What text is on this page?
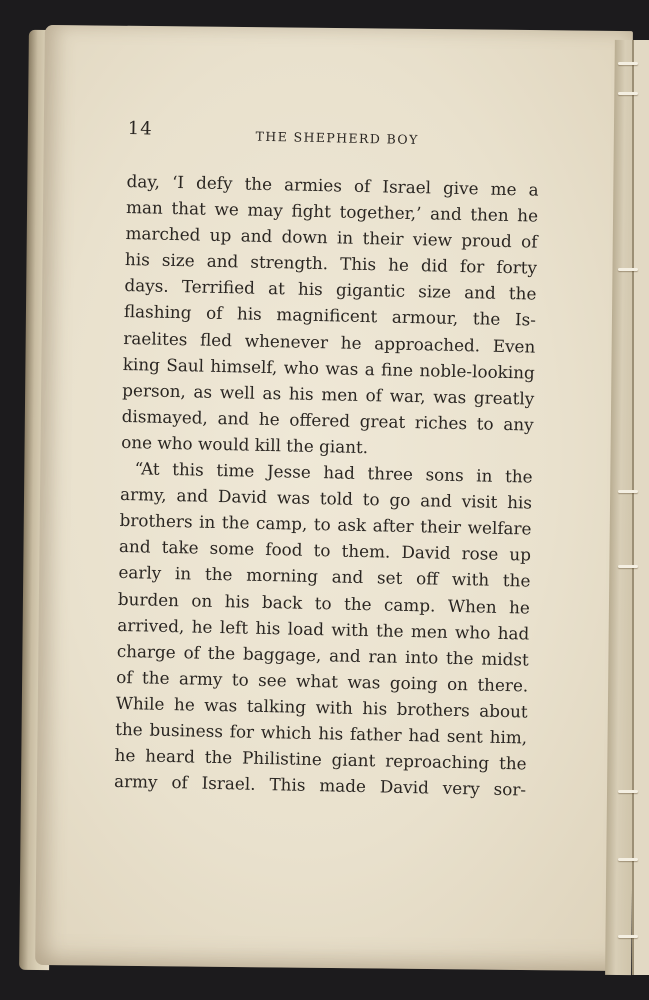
14	THE SHEPHERD BOY
day, ‘I defy the armies of Israel give me a
man that we may fight together,’ and then he
marched up and down in their view proud of
his size and strength. This he did for forty
days. Terrified at his gigantic size and the
flashing of his magnificent armour, the Is-
raelites fled whenever he approached. Even
king Saul himself, who was a fine noble-looking
person, as well as his men of war, was greatly
dismayed, and he offered great riches to any
one who would kill the giant.
“At this time Jesse had three sons in the
army, and David was told to go and visit his
brothers in the camp, to ask after their welfare
and take some food to them. David rose up
early in the morning and set off with the
burden on his back to the camp. When he
arrived, he left his load with the men who had
charge of the baggage, and ran into the midst
of the army to see what was going on there.
While he was talking with his brothers about
the business for which his father had sent him,
he heard the Philistine giant reproaching the
army of Israel. This made David very sor-
